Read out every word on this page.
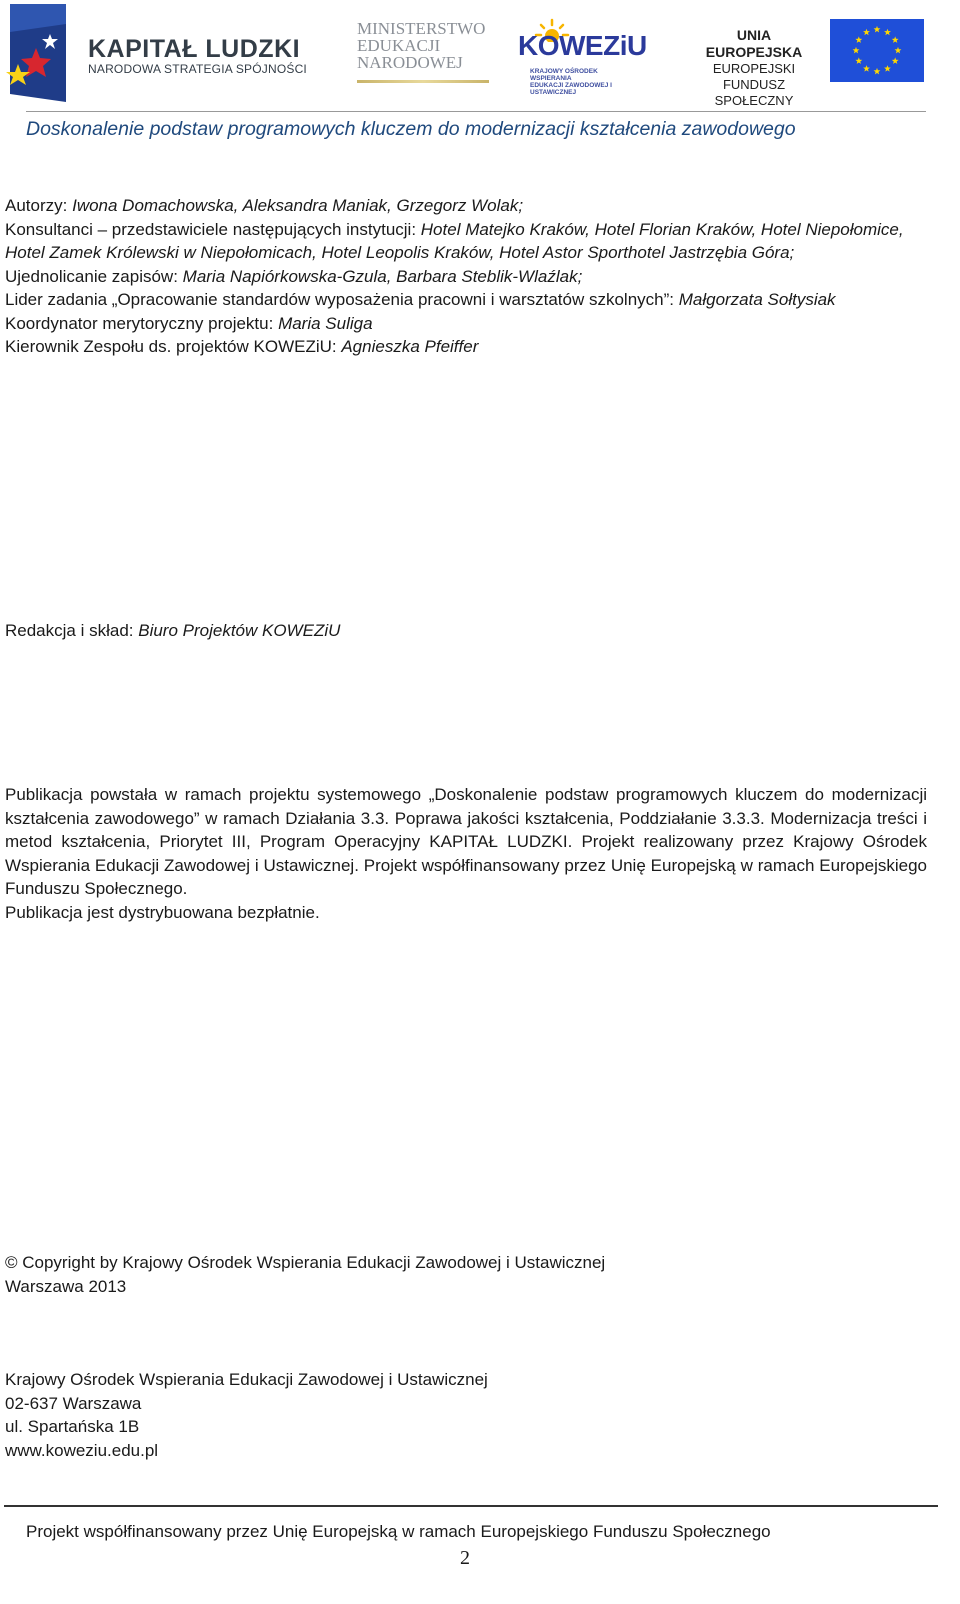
KAPITAŁ LUDZKI
NARODOWA STRATEGIA SPÓJNOŚCI
MINISTERSTWO
EDUKACJI
NARODOWEJ
KOWEZiU
KRAJOWY OŚRODEK WSPIERANIA
EDUKACJI ZAWODOWEJ I USTAWICZNEJ
UNIA EUROPEJSKA
EUROPEJSKI
FUNDUSZ SPOŁECZNY
Doskonalenie podstaw programowych kluczem do modernizacji kształcenia zawodowego

Autorzy: Iwona Domachowska, Aleksandra Maniak, Grzegorz Wolak;

Konsultanci – przedstawiciele następujących instytucji: Hotel Matejko Kraków, Hotel Florian Kraków, Hotel Niepołomice, Hotel Zamek Królewski w Niepołomicach, Hotel Leopolis Kraków, Hotel Astor Sporthotel Jastrzębia Góra;

Ujednolicanie zapisów: Maria Napiórkowska-Gzula, Barbara Steblik-Wlaźlak;

Lider zadania „Opracowanie standardów wyposażenia pracowni i warsztatów szkolnych”: Małgorzata Sołtysiak

Koordynator merytoryczny projektu: Maria Suliga

Kierownik Zespołu ds. projektów KOWEZiU: Agnieszka Pfeiffer

Redakcja i skład: Biuro Projektów KOWEZiU

Publikacja powstała w ramach projektu systemowego „Doskonalenie podstaw programowych kluczem do modernizacji kształcenia zawodowego” w ramach Działania 3.3. Poprawa jakości kształcenia, Poddziałanie 3.3.3. Modernizacja treści i metod kształcenia, Priorytet III, Program Operacyjny KAPITAŁ LUDZKI. Projekt realizowany przez Krajowy Ośrodek Wspierania Edukacji Zawodowej i Ustawicznej. Projekt współfinansowany przez Unię Europejską w ramach Europejskiego Funduszu Społecznego.

Publikacja jest dystrybuowana bezpłatnie.

© Copyright by Krajowy Ośrodek Wspierania Edukacji Zawodowej i Ustawicznej

Warszawa 2013

Krajowy Ośrodek Wspierania Edukacji Zawodowej i Ustawicznej

02-637 Warszawa

ul. Spartańska 1B

www.koweziu.edu.pl

Projekt współfinansowany przez Unię Europejską w ramach Europejskiego Funduszu Społecznego
2
